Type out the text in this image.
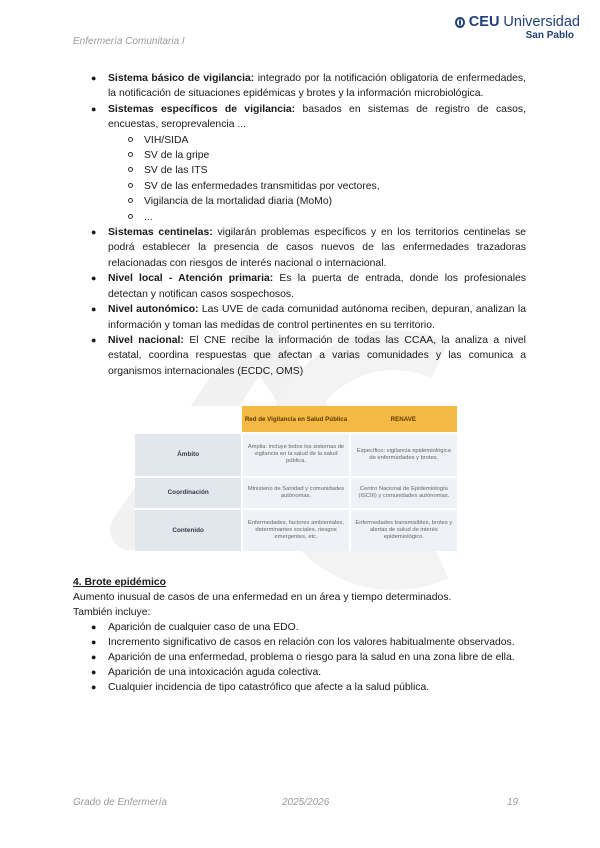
Enfermería Comunitaria I
CEU Universidad
San Pablo
● Sistema básico de vigilancia: integrado por la notificación obligatoria de enfermedades, la notificación de situaciones epidémicas y brotes y la información microbiológica.
● Sistemas específicos de vigilancia: basados en sistemas de registro de casos, encuestas, seroprevalencia ...
VIH/SIDA
SV de la gripe
SV de las ITS
SV de las enfermedades transmitidas por vectores,
Vigilancia de la mortalidad diaria (MoMo)
...
● Sistemas centinelas: vigilarán problemas específicos y en los territorios centinelas se podrá establecer la presencia de casos nuevos de las enfermedades trazadoras relacionadas con riesgos de interés nacional o internacional.
● Nivel local - Atención primaria: Es la puerta de entrada, donde los profesionales detectan y notifican casos sospechosos.
● Nivel autonómico: Las UVE de cada comunidad autónoma reciben, depuran, analizan la información y toman las medidas de control pertinentes en su territorio.
● Nivel nacional: El CNE recibe la información de todas las CCAA, la analiza a nivel estatal, coordina respuestas que afectan a varias comunidades y las comunica a organismos internacionales (ECDC, OMS)
	Red de Vigilancia en Salud Pública	RENAVE
Ámbito	Amplia: incluye todos los sistemas de vigilancia en la salud de la salud pública.	Específico: vigilancia epidemiológica de enfermedades y brotes.
Coordinación	Ministerio de Sanidad y comunidades autónomas.	Centro Nacional de Epidemiología (ISCIII) y comunidades autónomas.
Contenido	Enfermedades, factores ambientales, determinantes sociales, riesgos emergentes, etc.	Enfermedades transmisibles, brotes y alertas de salud de interés epidemiológico.
4. Brote epidémico
Aumento inusual de casos de una enfermedad en un área y tiempo determinados.
También incluye:
● Aparición de cualquier caso de una EDO.
● Incremento significativo de casos en relación con los valores habitualmente observados.
● Aparición de una enfermedad, problema o riesgo para la salud en una zona libre de ella.
● Aparición de una intoxicación aguda colectiva.
● Cualquier incidencia de tipo catastrófico que afecte a la salud pública.
Grado de Enfermería	2025/2026	19
